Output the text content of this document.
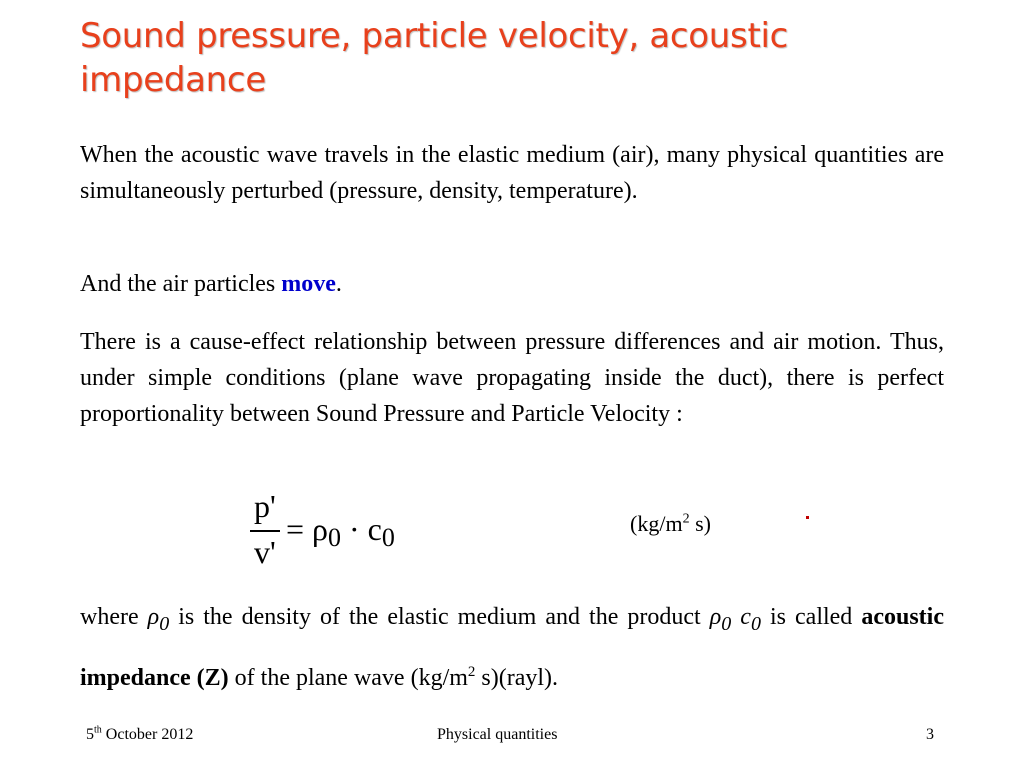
Sound pressure, particle velocity, acoustic impedance

When the acoustic wave travels in the elastic medium (air), many physical quantities are simultaneously perturbed (pressure, density, temperature).

And the air particles move.

There is a cause-effect relationship between pressure differences and air motion. Thus, under simple conditions (plane wave propagating inside the duct), there is perfect proportionality between Sound Pressure and Particle Velocity :

p'
v'
= ρ0 · c0	($kg/m^2$ s)

where $\rho_0$ is the density of the elastic medium and the product $\rho_0$ $c_0$ is called acoustic impedance (Z) of the plane wave ($kg/m^2$ s)(rayl).

5th October 2012	Physical quantities	3
